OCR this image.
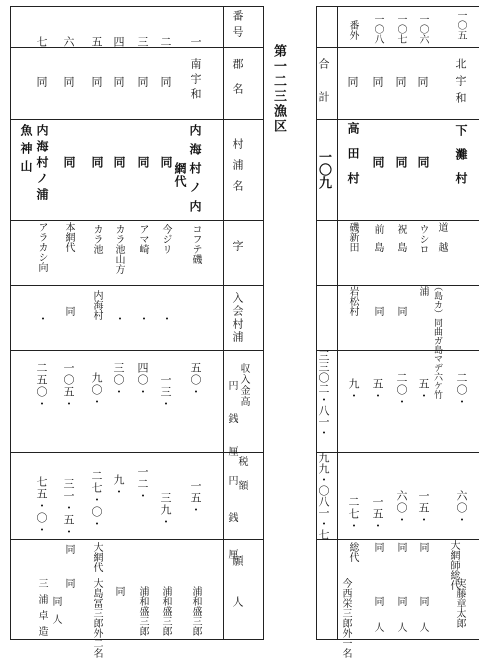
番号
郡名
村浦名
字
入会村浦
収入金高
円 銭 厘
税額
円 銭 厘
願人
一
南宇和
内海村ノ内
網代
コフテ磯
五〇・
一五・
浦和盛三郎
二
同
同
今ジリ
・
一三・
三九・
浦和盛三郎
三
同
同
アマ崎
・
四〇・
一二・
浦和盛三郎
四
同
同
カラ池山方
・
三〇・
九・
同
五
同
同
カラ池
内海村
九〇・
二七・〇・
大網代
大島冨三郎外二名
六
同
同
本網代
同
一〇五・
三一・五・
同
同
七
同
魚神山 内海村ノ浦
アラカシ向
・
二五〇・
七五・〇・
三浦卓造 同人
第一二三漁区	合計
一〇九
三三〇二・八一・
九九・〇八一・七
番外
同
高田村
磯新田
岩松村
九・
二七・
総代
今西栄三郎外一名
一〇八
同
同
前島
同
五・
一五・
同
同人
一〇七
同
同
祝島
同
二〇・
六〇・
同
同人
一〇六
同
同
ウシロ
浦
五・
一五・
同
同人
一〇五
北宇和
下灘村
道越
（島カ）同曲ガ島マデ六ケ竹 二〇・
六〇・
大網師総代
実藤章太郎
